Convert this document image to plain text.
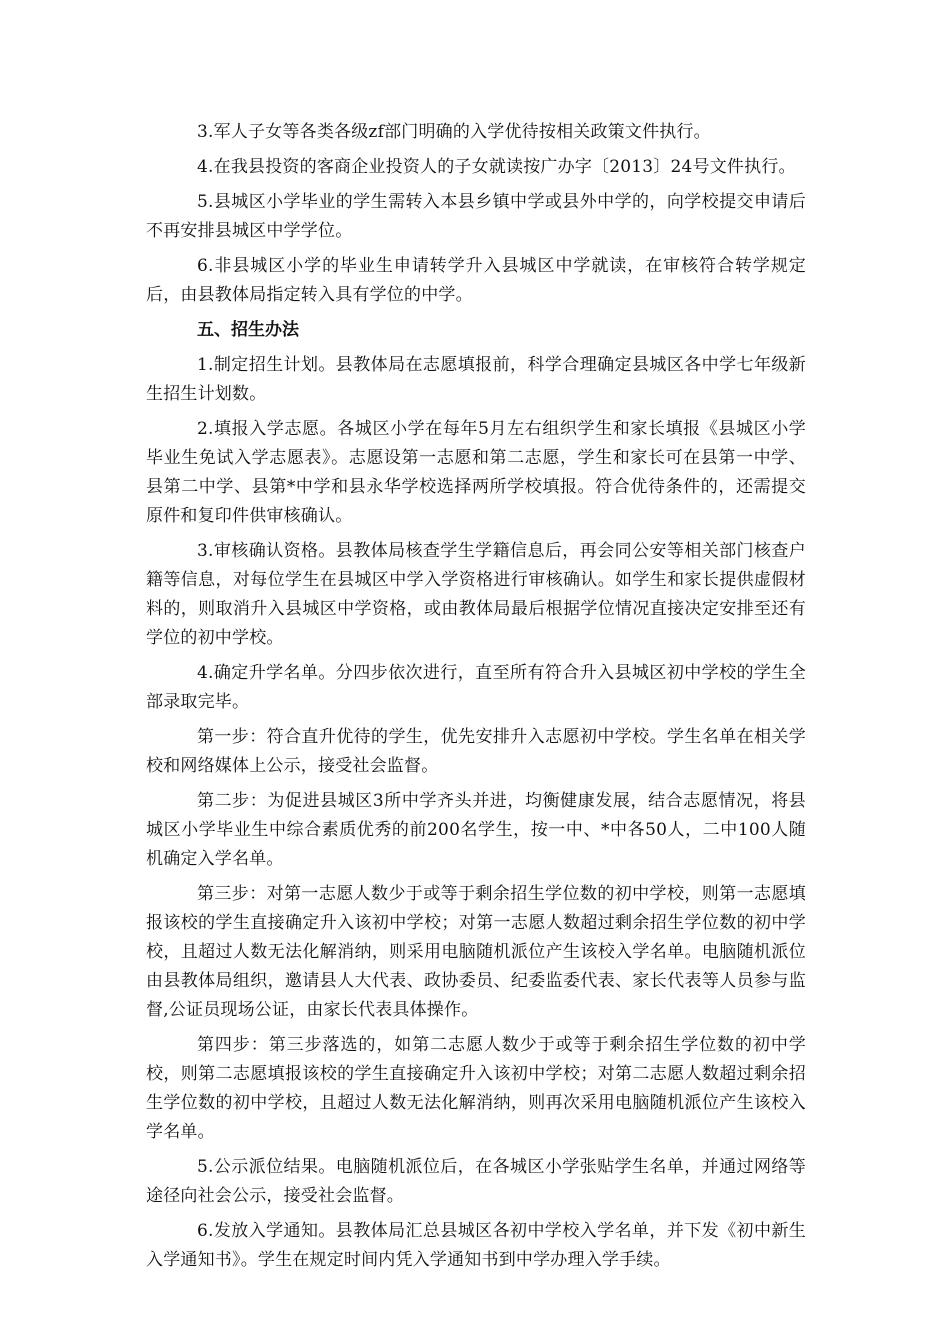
3.军人子女等各类各级zf部门明确的入学优待按相关政策文件执行。

4.在我县投资的客商企业投资人的子女就读按广办字〔2013〕24号文件执行。

5.县城区小学毕业的学生需转入本县乡镇中学或县外中学的，向学校提交申请后不再安排县城区中学学位。

6.非县城区小学的毕业生申请转学升入县城区中学就读，在审核符合转学规定后，由县教体局指定转入具有学位的中学。

五、招生办法

1.制定招生计划。县教体局在志愿填报前，科学合理确定县城区各中学七年级新生招生计划数。

2.填报入学志愿。各城区小学在每年5月左右组织学生和家长填报《县城区小学毕业生免试入学志愿表》。志愿设第一志愿和第二志愿，学生和家长可在县第一中学、县第二中学、县第*中学和县永华学校选择两所学校填报。符合优待条件的，还需提交原件和复印件供审核确认。

3.审核确认资格。县教体局核查学生学籍信息后，再会同公安等相关部门核查户籍等信息，对每位学生在县城区中学入学资格进行审核确认。如学生和家长提供虚假材料的，则取消升入县城区中学资格，或由教体局最后根据学位情况直接决定安排至还有学位的初中学校。

4.确定升学名单。分四步依次进行，直至所有符合升入县城区初中学校的学生全部录取完毕。

第一步：符合直升优待的学生，优先安排升入志愿初中学校。学生名单在相关学校和网络媒体上公示，接受社会监督。

第二步：为促进县城区3所中学齐头并进，均衡健康发展，结合志愿情况，将县城区小学毕业生中综合素质优秀的前200名学生，按一中、*中各50人，二中100人随机确定入学名单。

第三步：对第一志愿人数少于或等于剩余招生学位数的初中学校，则第一志愿填报该校的学生直接确定升入该初中学校；对第一志愿人数超过剩余招生学位数的初中学校，且超过人数无法化解消纳，则采用电脑随机派位产生该校入学名单。电脑随机派位由县教体局组织，邀请县人大代表、政协委员、纪委监委代表、家长代表等人员参与监督,公证员现场公证，由家长代表具体操作。

第四步：第三步落选的，如第二志愿人数少于或等于剩余招生学位数的初中学校，则第二志愿填报该校的学生直接确定升入该初中学校；对第二志愿人数超过剩余招生学位数的初中学校，且超过人数无法化解消纳，则再次采用电脑随机派位产生该校入学名单。

5.公示派位结果。电脑随机派位后，在各城区小学张贴学生名单，并通过网络等途径向社会公示，接受社会监督。

6.发放入学通知。县教体局汇总县城区各初中学校入学名单，并下发《初中新生入学通知书》。学生在规定时间内凭入学通知书到中学办理入学手续。
